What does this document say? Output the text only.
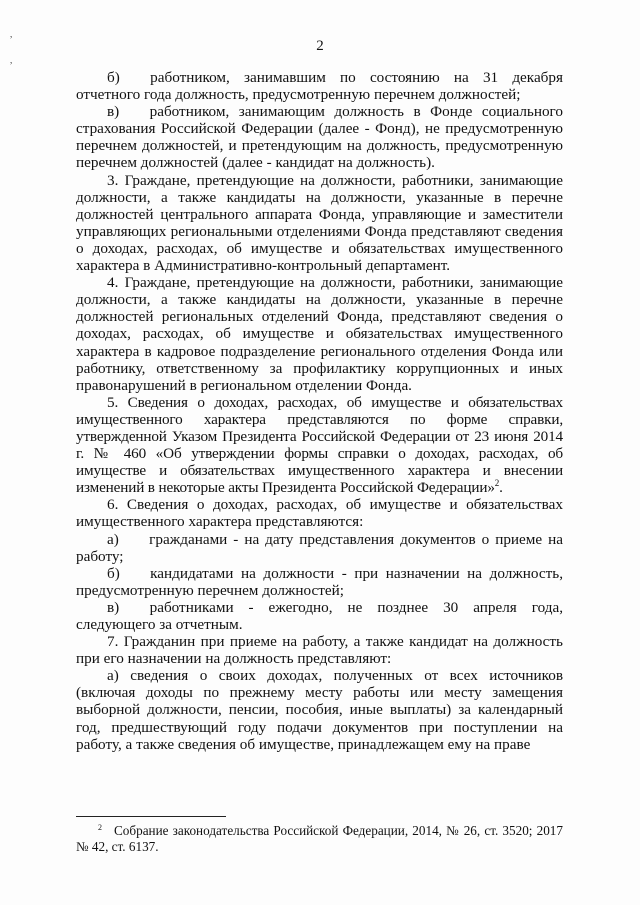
,
,
2

б)  работником, занимавшим по состоянию на 31 декабря отчетного года должность, предусмотренную перечнем должностей;

в)  работником, занимающим должность в Фонде социального страхования Российской Федерации (далее - Фонд), не предусмотренную перечнем должностей, и претендующим на должность, предусмотренную перечнем должностей (далее - кандидат на должность).

3. Граждане, претендующие на должности, работники, занимающие должности, а также кандидаты на должности, указанные в перечне должностей центрального аппарата Фонда, управляющие и заместители управляющих региональными отделениями Фонда представляют сведения о доходах, расходах, об имуществе и обязательствах имущественного характера в Административно-контрольный департамент.

4. Граждане, претендующие на должности, работники, занимающие должности, а также кандидаты на должности, указанные в перечне должностей региональных отделений Фонда, представляют сведения о доходах, расходах, об имуществе и обязательствах имущественного характера в кадровое подразделение регионального отделения Фонда или работнику, ответственному за профилактику коррупционных и иных правонарушений в региональном отделении Фонда.

5. Сведения о доходах, расходах, об имуществе и обязательствах имущественного характера представляются по форме справки, утвержденной Указом Президента Российской Федерации от 23 июня 2014 г. № 460 «Об утверждении формы справки о доходах, расходах, об имуществе и обязательствах имущественного характера и внесении изменений в некоторые акты Президента Российской Федерации»$^2$.

6. Сведения о доходах, расходах, об имуществе и обязательствах имущественного характера представляются:

а)  гражданами - на дату представления документов о приеме на работу;

б)  кандидатами на должности - при назначении на должность, предусмотренную перечнем должностей;

в)  работниками - ежегодно, не позднее 30 апреля года, следующего за отчетным.

7. Гражданин при приеме на работу, а также кандидат на должность при его назначении на должность представляют:

а) сведения о своих доходах, полученных от всех источников (включая доходы по прежнему месту работы или месту замещения выборной должности, пенсии, пособия, иные выплаты) за календарный год, предшествующий году подачи документов при поступлении на работу, а также сведения об имуществе, принадлежащем ему на праве

$^2$ Собрание законодательства Российской Федерации, 2014, № 26, ст. 3520; 2017 № 42, ст. 6137.
